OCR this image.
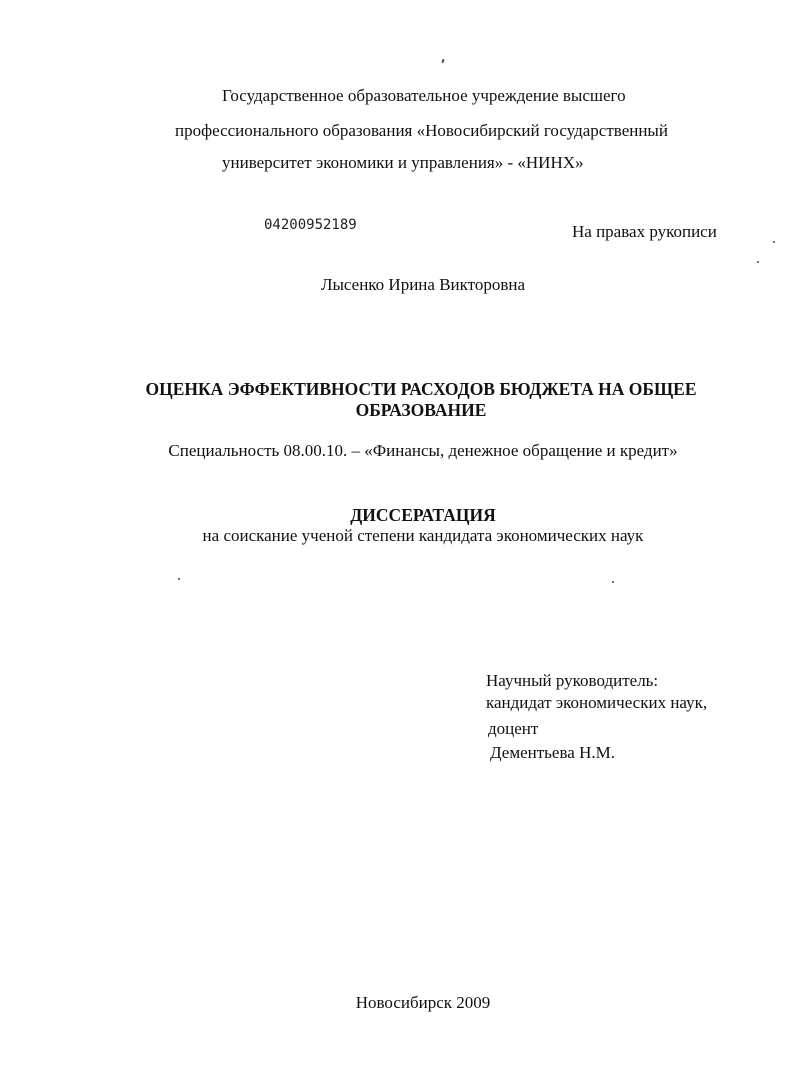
Государственное образовательное учреждение высшего
профессионального образования «Новосибирский государственный
университет экономики и управления» - «НИНХ»
04200952189	На правах рукописи
Лысенко Ирина Викторовна
ОЦЕНКА ЭФФЕКТИВНОСТИ РАСХОДОВ БЮДЖЕТА НА ОБЩЕЕ
ОБРАЗОВАНИЕ
Специальность 08.00.10. – «Финансы, денежное обращение и кредит»
ДИССЕРАТАЦИЯ
на соискание ученой степени кандидата экономических наук
Научный руководитель:
кандидат экономических наук,
доцент
Дементьева Н.М.
Новосибирск 2009
